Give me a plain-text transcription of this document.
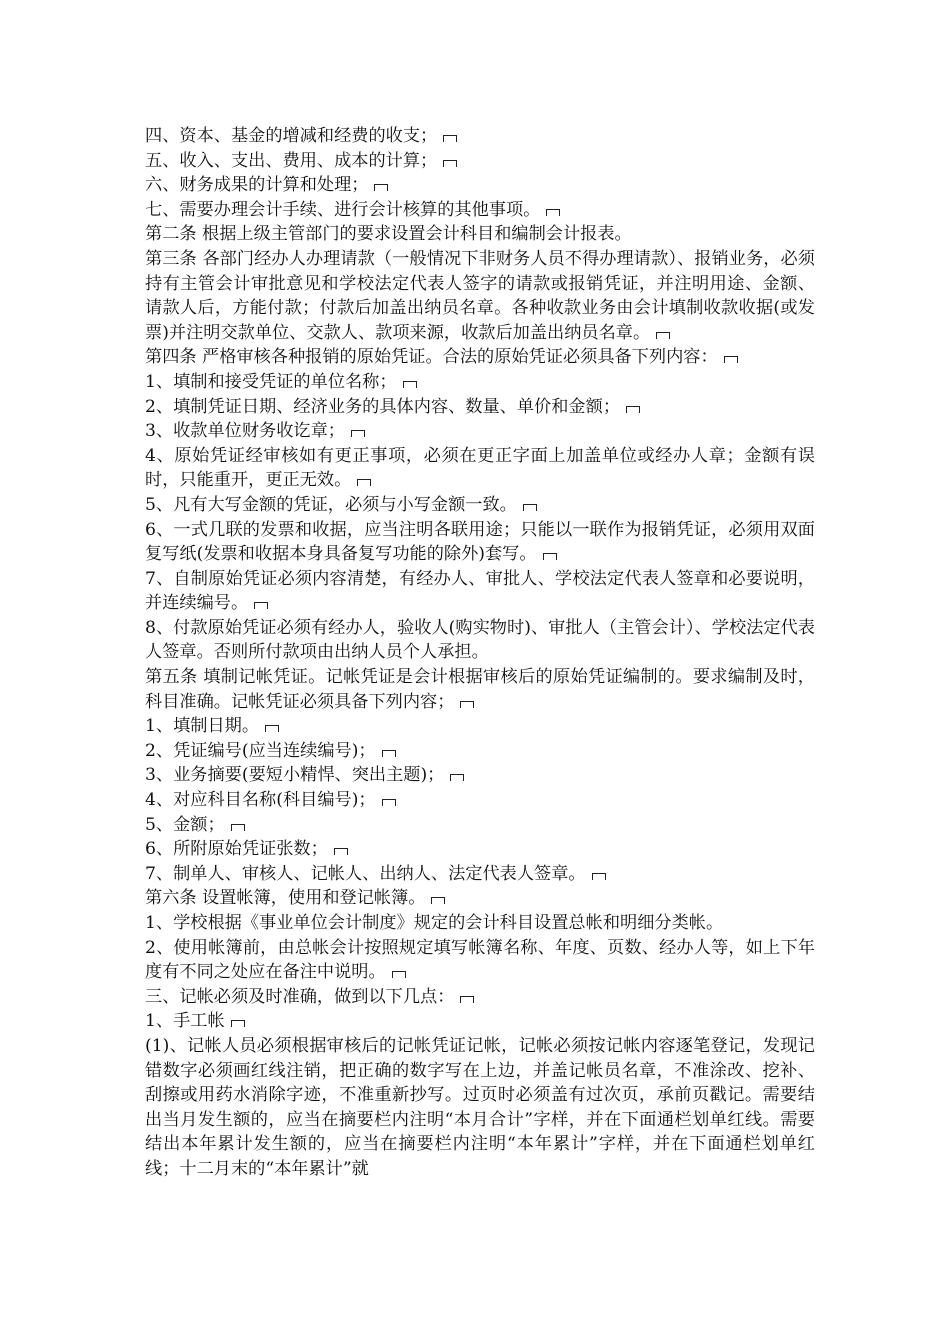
四、资本、基金的增减和经费的收支；
五、收入、支出、费用、成本的计算；
六、财务成果的计算和处理；
七、需要办理会计手续、进行会计核算的其他事项。
第二条 根据上级主管部门的要求设置会计科目和编制会计报表。
第三条 各部门经办人办理请款（一般情况下非财务人员不得办理请款）、报销业务，必须持有主管会计审批意见和学校法定代表人签字的请款或报销凭证，并注明用途、金额、请款人后，方能付款；付款后加盖出纳员名章。各种收款业务由会计填制收款收据(或发票)并注明交款单位、交款人、款项来源，收款后加盖出纳员名章。
第四条 严格审核各种报销的原始凭证。合法的原始凭证必须具备下列内容：
1、填制和接受凭证的单位名称；
2、填制凭证日期、经济业务的具体内容、数量、单价和金额；
3、收款单位财务收讫章；
4、原始凭证经审核如有更正事项，必须在更正字面上加盖单位或经办人章；金额有误时，只能重开，更正无效。
5、凡有大写金额的凭证，必须与小写金额一致。
6、一式几联的发票和收据，应当注明各联用途；只能以一联作为报销凭证，必须用双面复写纸(发票和收据本身具备复写功能的除外)套写。
7、自制原始凭证必须内容清楚，有经办人、审批人、学校法定代表人签章和必要说明，并连续编号。
8、付款原始凭证必须有经办人，验收人(购实物时)、审批人（主管会计）、学校法定代表人签章。否则所付款项由出纳人员个人承担。
第五条 填制记帐凭证。记帐凭证是会计根据审核后的原始凭证编制的。要求编制及时，科目准确。记帐凭证必须具备下列内容；
1、填制日期。
2、凭证编号(应当连续编号)；
3、业务摘要(要短小精悍、突出主题)；
4、对应科目名称(科目编号)；
5、金额；
6、所附原始凭证张数；
7、制单人、审核人、记帐人、出纳人、法定代表人签章。
第六条 设置帐簿，使用和登记帐簿。
1、学校根据《事业单位会计制度》规定的会计科目设置总帐和明细分类帐。
2、使用帐簿前，由总帐会计按照规定填写帐簿名称、年度、页数、经办人等，如上下年度有不同之处应在备注中说明。
三、记帐必须及时准确，做到以下几点：
1、手工帐
(1)、记帐人员必须根据审核后的记帐凭证记帐，记帐必须按记帐内容逐笔登记，发现记错数字必须画红线注销，把正确的数字写在上边，并盖记帐员名章，不准涂改、挖补、刮擦或用药水消除字迹，不准重新抄写。过页时必须盖有过次页，承前页戳记。需要结出当月发生额的，应当在摘要栏内注明“本月合计”字样，并在下面通栏划单红线。需要结出本年累计发生额的，应当在摘要栏内注明“本年累计”字样，并在下面通栏划单红线；十二月末的“本年累计”就
